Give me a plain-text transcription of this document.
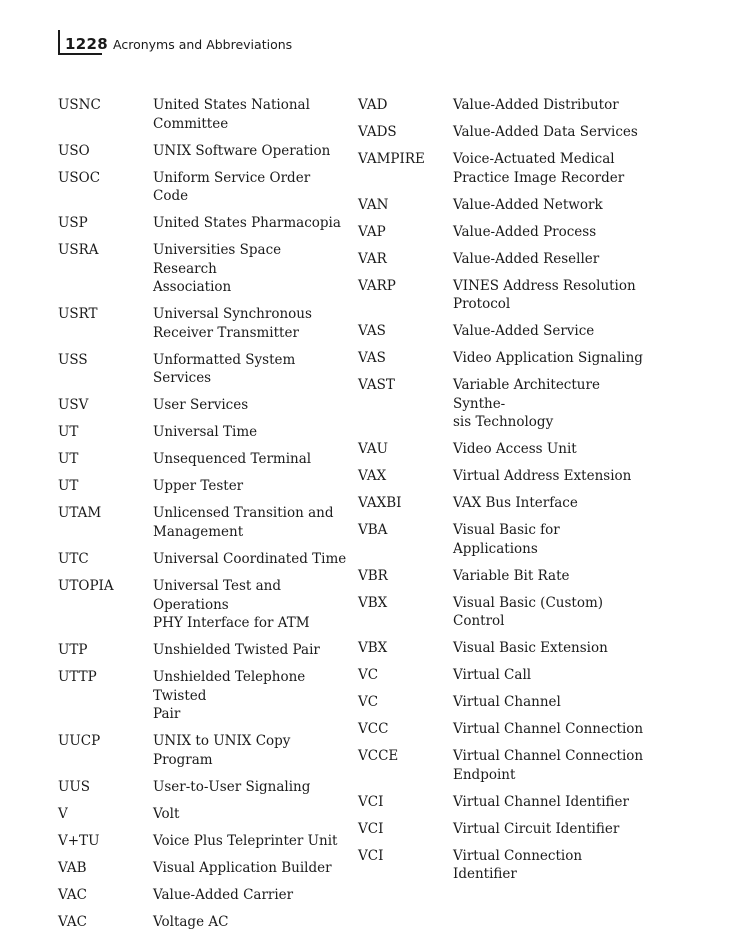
1228 Acronyms and Abbreviations
USNC	United States National
Committee
USO	UNIX Software Operation
USOC	Uniform Service Order Code
USP	United States Pharmacopia
USRA	Universities Space Research
Association
USRT	Universal Synchronous
Receiver Transmitter
USS	Unformatted System Services
USV	User Services
UT	Universal Time
UT	Unsequenced Terminal
UT	Upper Tester
UTAM	Unlicensed Transition and
Management
UTC	Universal Coordinated Time
UTOPIA	Universal Test and Operations
PHY Interface for ATM
UTP	Unshielded Twisted Pair
UTTP	Unshielded Telephone Twisted
Pair
UUCP	UNIX to UNIX Copy Program
UUS	User-to-User Signaling
V	Volt
V+TU	Voice Plus Teleprinter Unit
VAB	Visual Application Builder
VAC	Value-Added Carrier
VAC	Voltage AC
VAD	Value-Added Distributor
VADS	Value-Added Data Services
VAMPIRE	Voice-Actuated Medical
Practice Image Recorder
VAN	Value-Added Network
VAP	Value-Added Process
VAR	Value-Added Reseller
VARP	VINES Address Resolution
Protocol
VAS	Value-Added Service
VAS	Video Application Signaling
VAST	Variable Architecture Synthe-
sis Technology
VAU	Video Access Unit
VAX	Virtual Address Extension
VAXBI	VAX Bus Interface
VBA	Visual Basic for Applications
VBR	Variable Bit Rate
VBX	Visual Basic (Custom) Control
VBX	Visual Basic Extension
VC	Virtual Call
VC	Virtual Channel
VCC	Virtual Channel Connection
VCCE	Virtual Channel Connection
Endpoint
VCI	Virtual Channel Identifier
VCI	Virtual Circuit Identifier
VCI	Virtual Connection Identifier
